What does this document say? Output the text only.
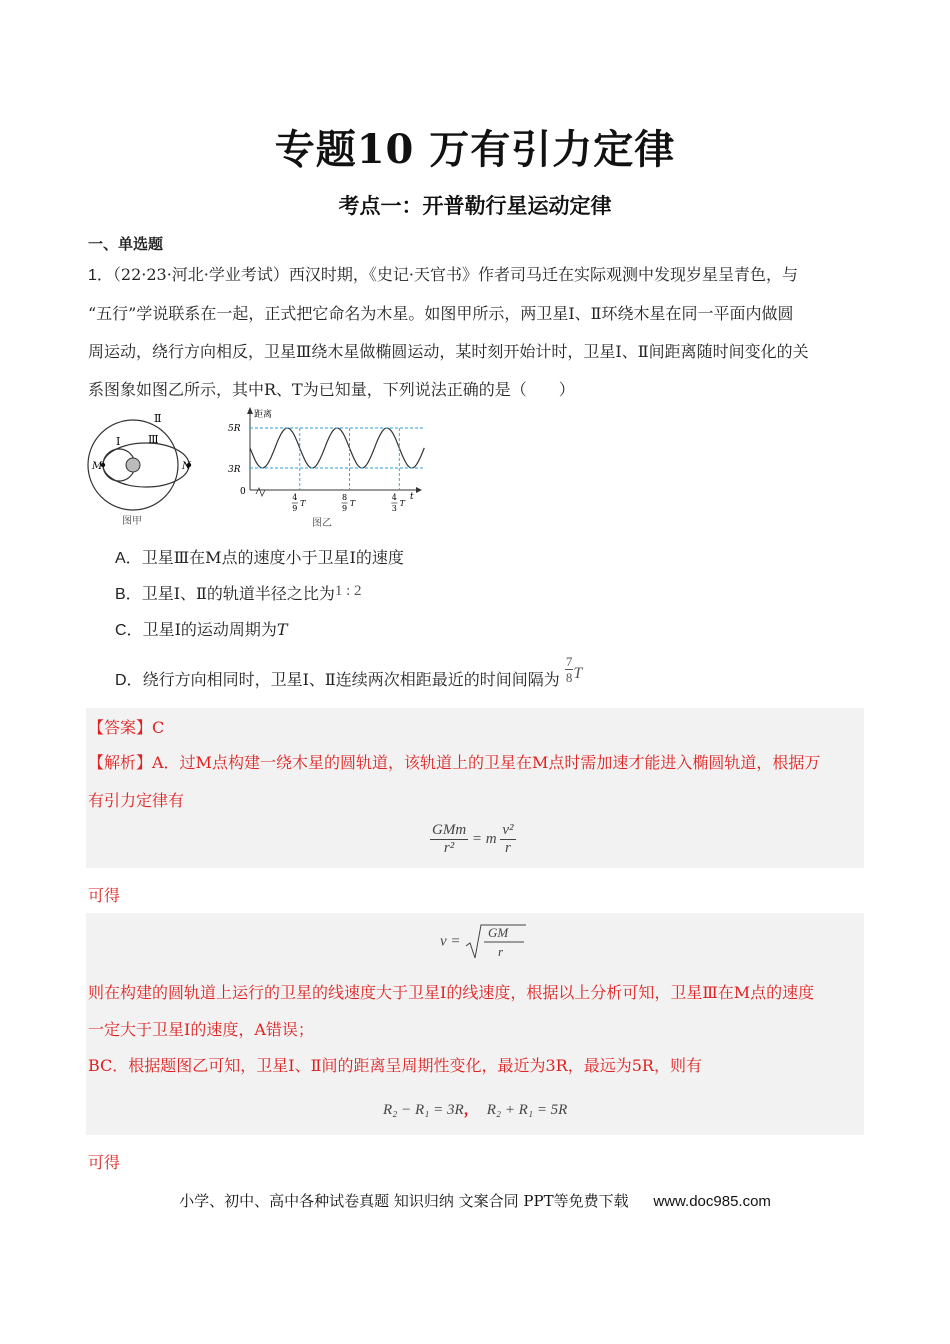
专题10 万有引力定律
考点一：开普勒行星运动定律
一、单选题
1．（22·23·河北·学业考试）西汉时期，《史记·天官书》作者司马迁在实际观测中发现岁星呈青色，与
“五行”学说联系在一起，正式把它命名为木星。如图甲所示，两卫星Ⅰ、Ⅱ环绕木星在同一平面内做圆
周运动，绕行方向相反，卫星Ⅲ绕木星做椭圆运动，某时刻开始计时，卫星Ⅰ、Ⅱ间距离随时间变化的关
系图象如图乙所示，其中R、T为已知量，下列说法正确的是（　　）
Ⅱ
Ⅰ	Ⅲ
M	N
图甲
距离
t
0
5R
3R
图乙
4
9
T
8
9
T
4
3
T
A．卫星Ⅲ在M点的速度小于卫星Ⅰ的速度
B．卫星Ⅰ、Ⅱ的轨道半径之比为1 : 2
C．卫星Ⅰ的运动周期为T
D．绕行方向相同时，卫星Ⅰ、Ⅱ连续两次相距最近的时间间隔为 $\frac{7}{8}$ T
【答案】C
【解析】A．过M点构建一绕木星的圆轨道，该轨道上的卫星在M点时需加速才能进入椭圆轨道，根据万
有引力定律有
GMm
r²
= m $\frac{\text{v²}}{r}$
可得
v =
GM
r
则在构建的圆轨道上运行的卫星的线速度大于卫星Ⅰ的线速度，根据以上分析可知，卫星Ⅲ在M点的速度
一定大于卫星Ⅰ的速度，A错误；
BC．根据题图乙可知，卫星Ⅰ、Ⅱ间的距离呈周期性变化，最近为3R，最远为5R，则有
R₂ − R₁ = 3R， R₂ + R₁ = 5R
可得
小学、初中、高中各种试卷真题 知识归纳 文案合同 PPT等免费下载 www.doc985.com
